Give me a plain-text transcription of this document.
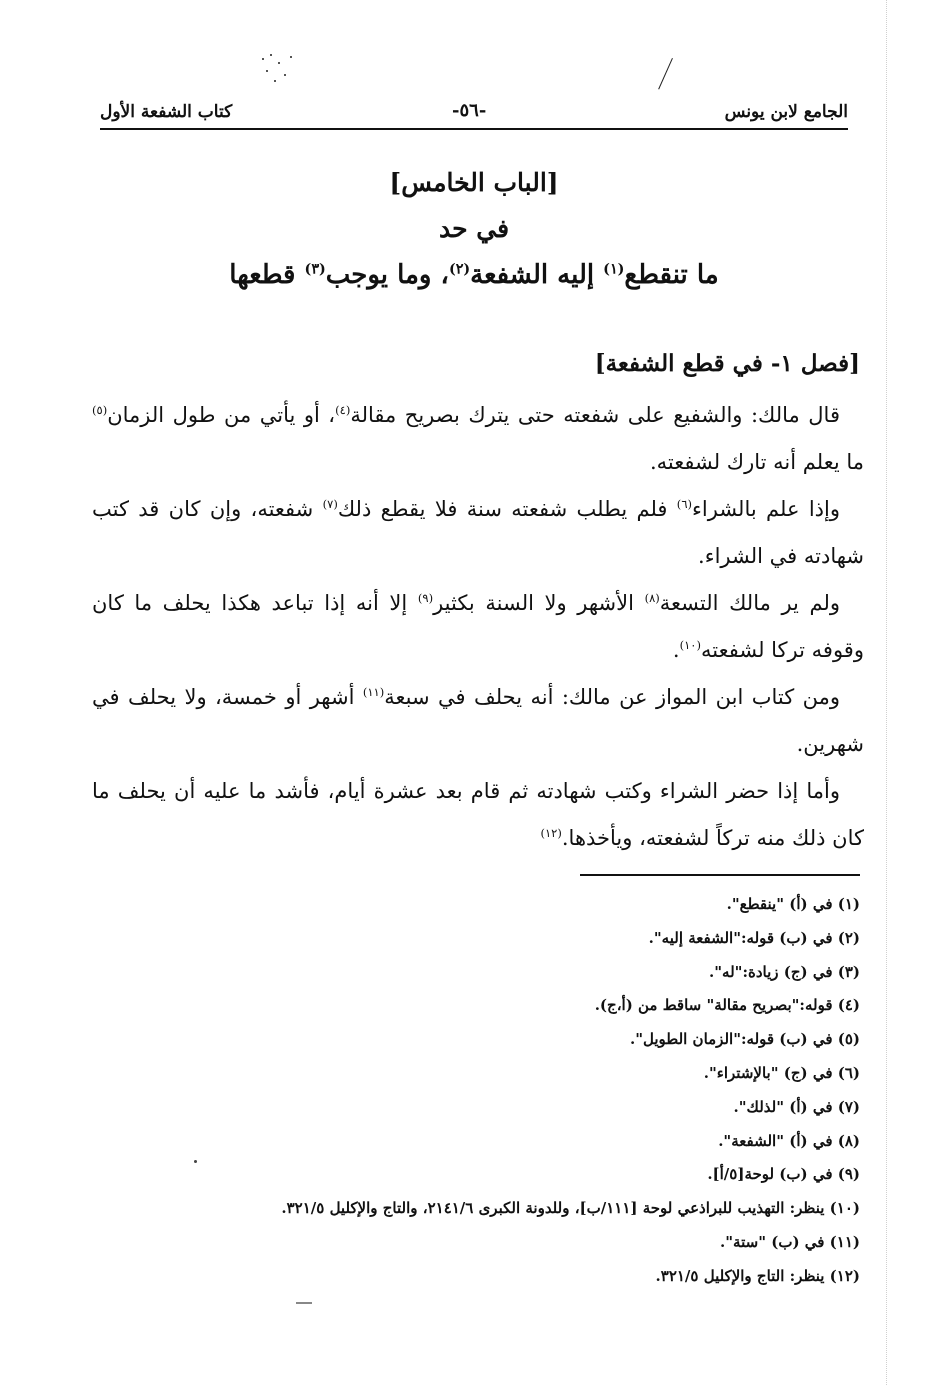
الجامع لابن يونس
-٥٦-
كتاب الشفعة الأول
[الباب الخامس]
في حد
ما تنقطع$^{(١)}$ إليه الشفعة$^{(٢)}$، وما يوجب$^{(٣)}$ قطعها
[فصل ١- في قطع الشفعة]

قال مالك: والشفيع على شفعته حتى يترك بصريح مقالة$^{(٤)}$، أو يأتي من طول الزمان$^{(٥)}$ ما يعلم أنه تارك لشفعته.

وإذا علم بالشراء$^{(٦)}$ فلم يطلب شفعته سنة فلا يقطع ذلك$^{(٧)}$ شفعته، وإن كان قد كتب شهادته في الشراء.

ولم ير مالك التسعة$^{(٨)}$ الأشهر ولا السنة بكثير$^{(٩)}$ إلا أنه إذا تباعد هكذا يحلف ما كان وقوفه تركا لشفعته$^{(١٠)}$.

ومن كتاب ابن المواز عن مالك: أنه يحلف في سبعة$^{(١١)}$ أشهر أو خمسة، ولا يحلف في شهرين.

وأما إذا حضر الشراء وكتب شهادته ثم قام بعد عشرة أيام، فأشد ما عليه أن يحلف ما كان ذلك منه تركاً لشفعته، ويأخذها.$^{(١٢)}$

(١) في (أ) "ينقطع".
(٢) في (ب) قوله:"الشفعة إليه".
(٣) في (ج) زيادة:"له".
(٤) قوله:"بصريح مقالة" ساقط من (أ،ج).
(٥) في (ب) قوله:"الزمان الطويل".
(٦) في (ج) "بالإشتراء".
(٧) في (أ) "لذلك".
(٨) في (أ) "الشفعة".
(٩) في (ب) لوحة[٥/أ].
(١٠) ينظر: التهذيب للبراذعي لوحة [١١١/ب]، وللدونة الكبرى ٢١٤١/٦، والتاج والإكليل ٣٢١/٥.
(١١) في (ب) "ستة".
(١٢) ينظر: التاج والإكليل ٣٢١/٥.
